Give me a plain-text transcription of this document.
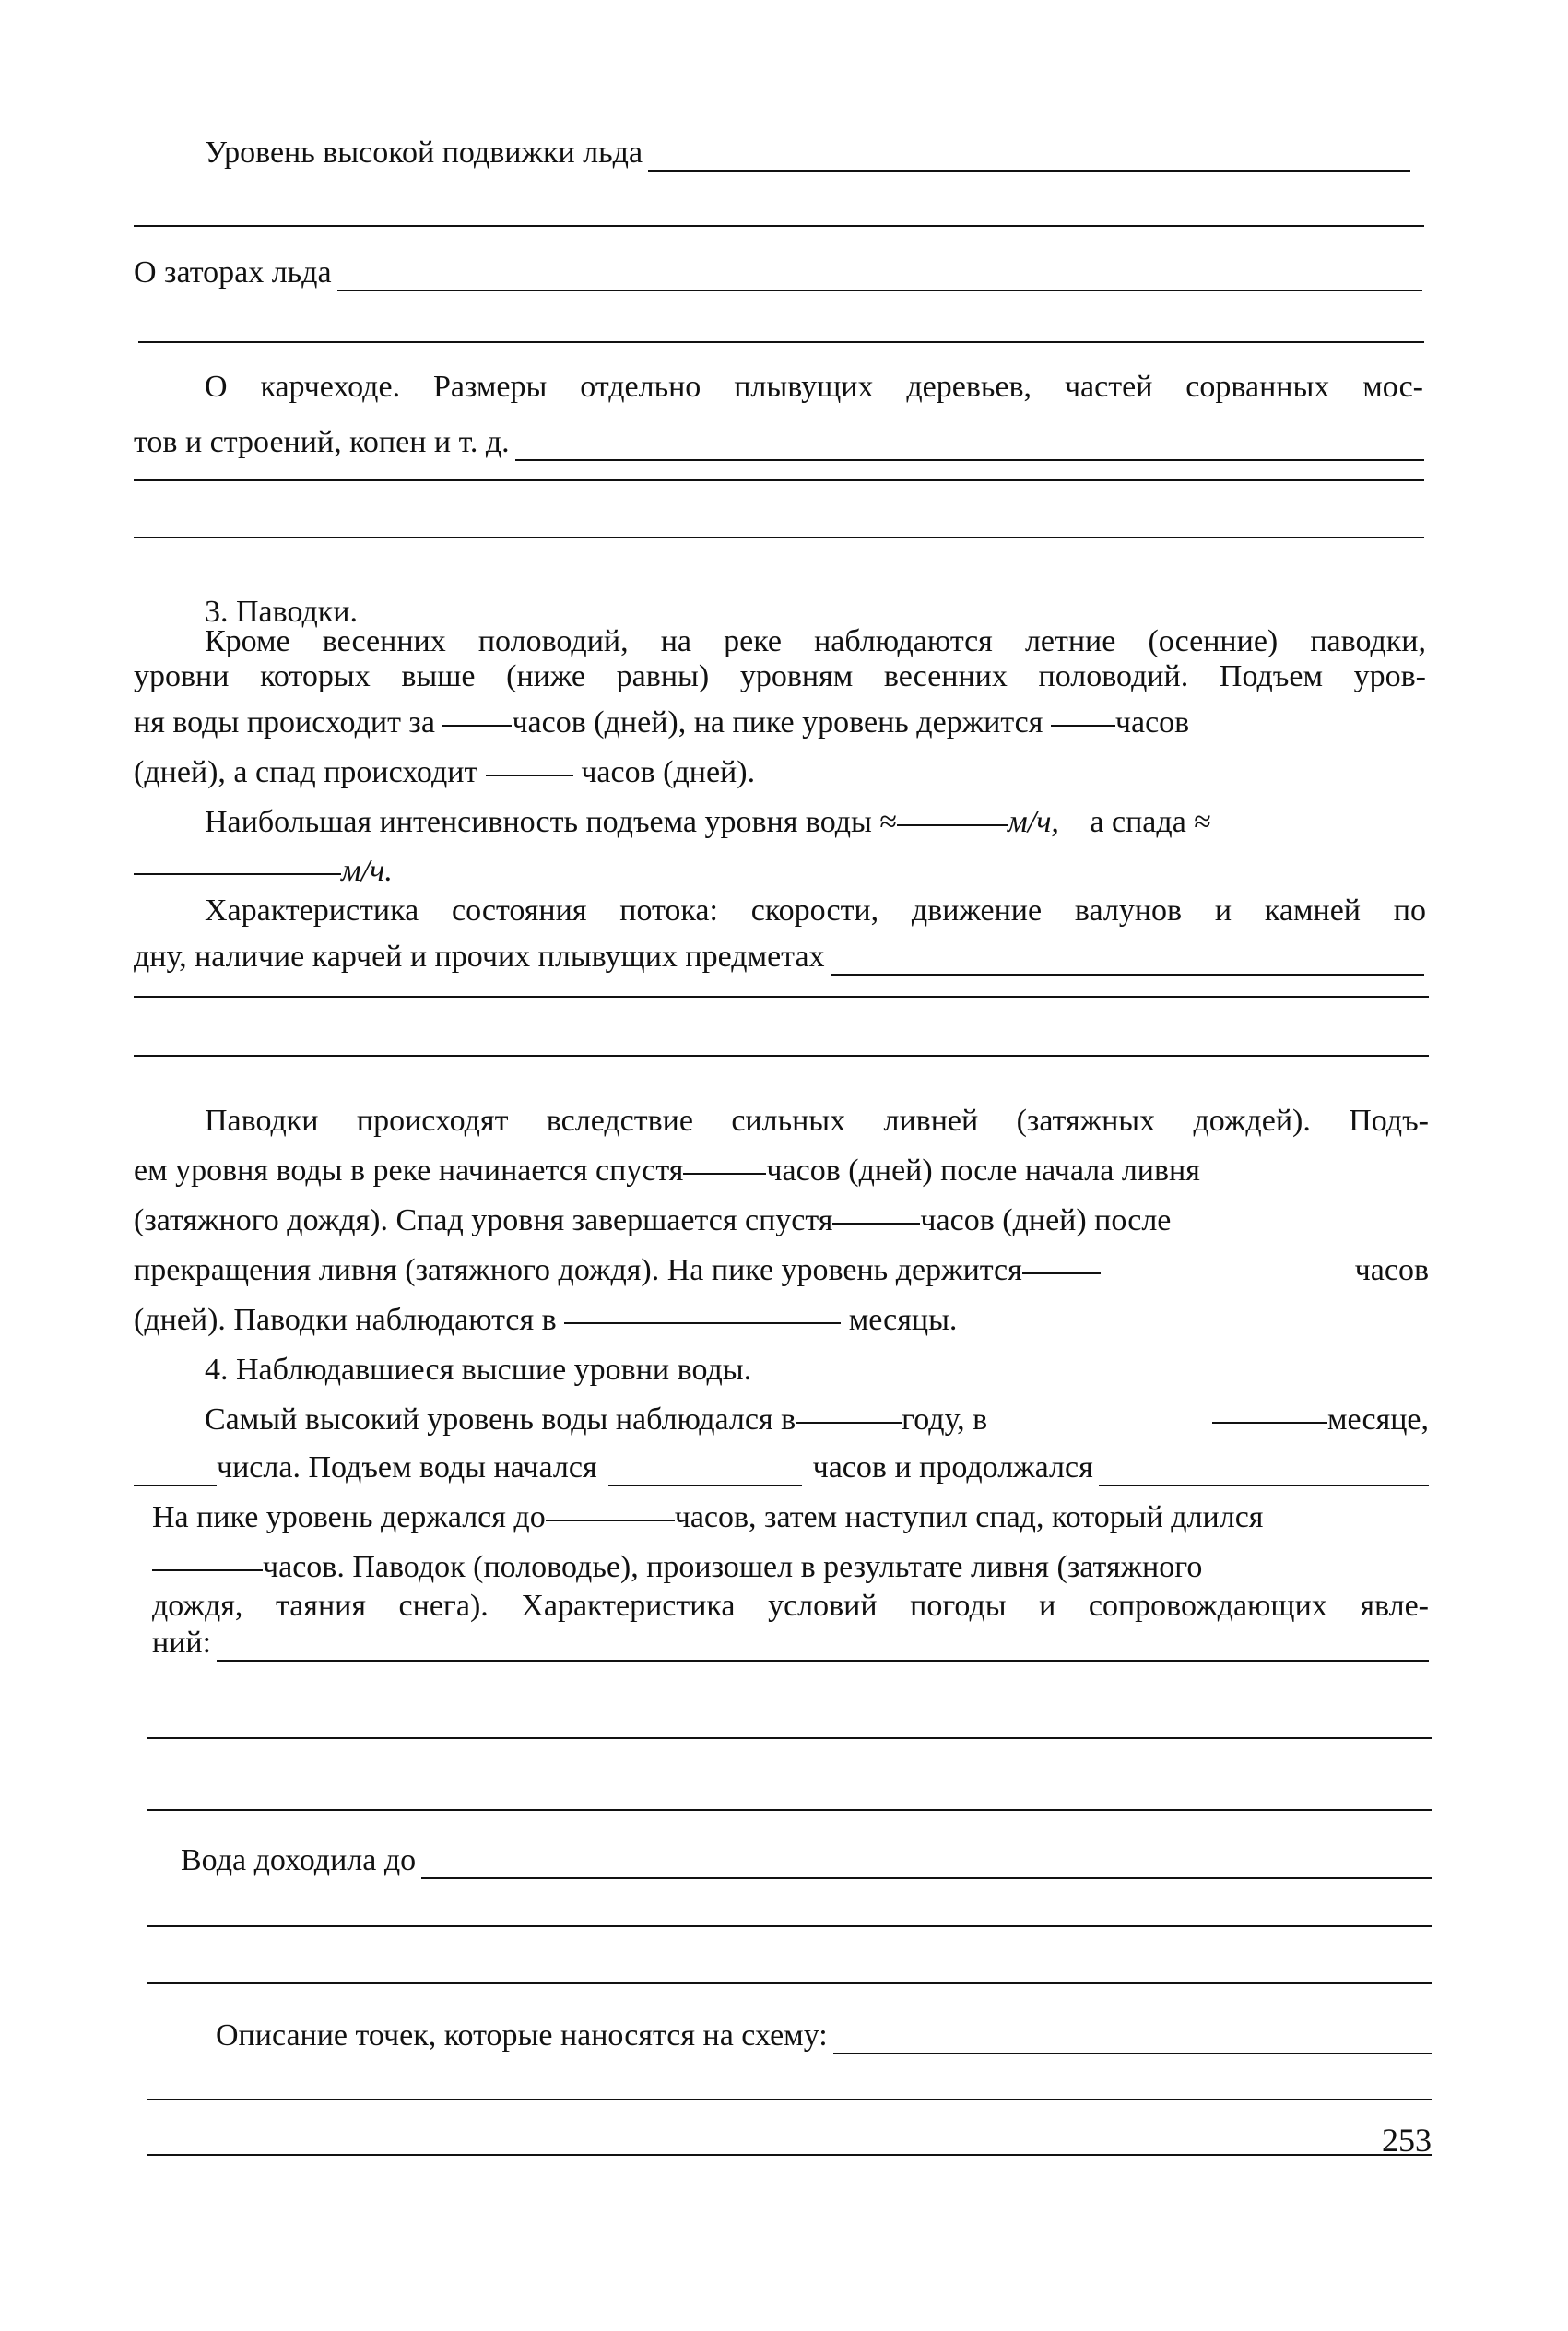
Уровень высокой подвижки льда
О заторах льда
О карчеходе. Размеры отдельно плывущих деревьев, частей сорванных мос-
тов и строений, копен и т. д.
3. Паводки.
Кроме весенних половодий, на реке наблюдаются летние (осенние) паводки,
уровни которых выше (ниже равны) уровням весенних половодий. Подъем уров-
ня воды происходит за часов (дней), на пике уровень держится часов
(дней), а спад происходит	часов (дней).
Наибольшая интенсивность подъема уровня воды ≈	м/ч, а спада ≈
м/ч.
Характеристика состояния потока: скорости, движение валунов и камней по
дну, наличие карчей и прочих плывущих предметах
Паводки происходят вследствие сильных ливней (затяжных дождей). Подъ-
ем уровня воды в реке начинается спустя	часов (дней) после начала ливня
(затяжного дождя). Спад уровня завершается спустя	часов (дней) после
прекращения ливня (затяжного дождя). На пике уровень держится	часов
(дней). Паводки наблюдаются в	месяцы.
4. Наблюдавшиеся высшие уровни воды.
Самый высокий уровень воды наблюдался в	году, в	месяце,
числа. Подъем воды начался	часов и продолжался
На пике уровень держался до	часов, затем наступил спад, который длился
часов. Паводок (половодье), произошел в результате ливня (затяжного
дождя, таяния снега). Характеристика условий погоды и сопровождающих явле-
ний:
Вода доходила до
Описание точек, которые наносятся на схему:
253
